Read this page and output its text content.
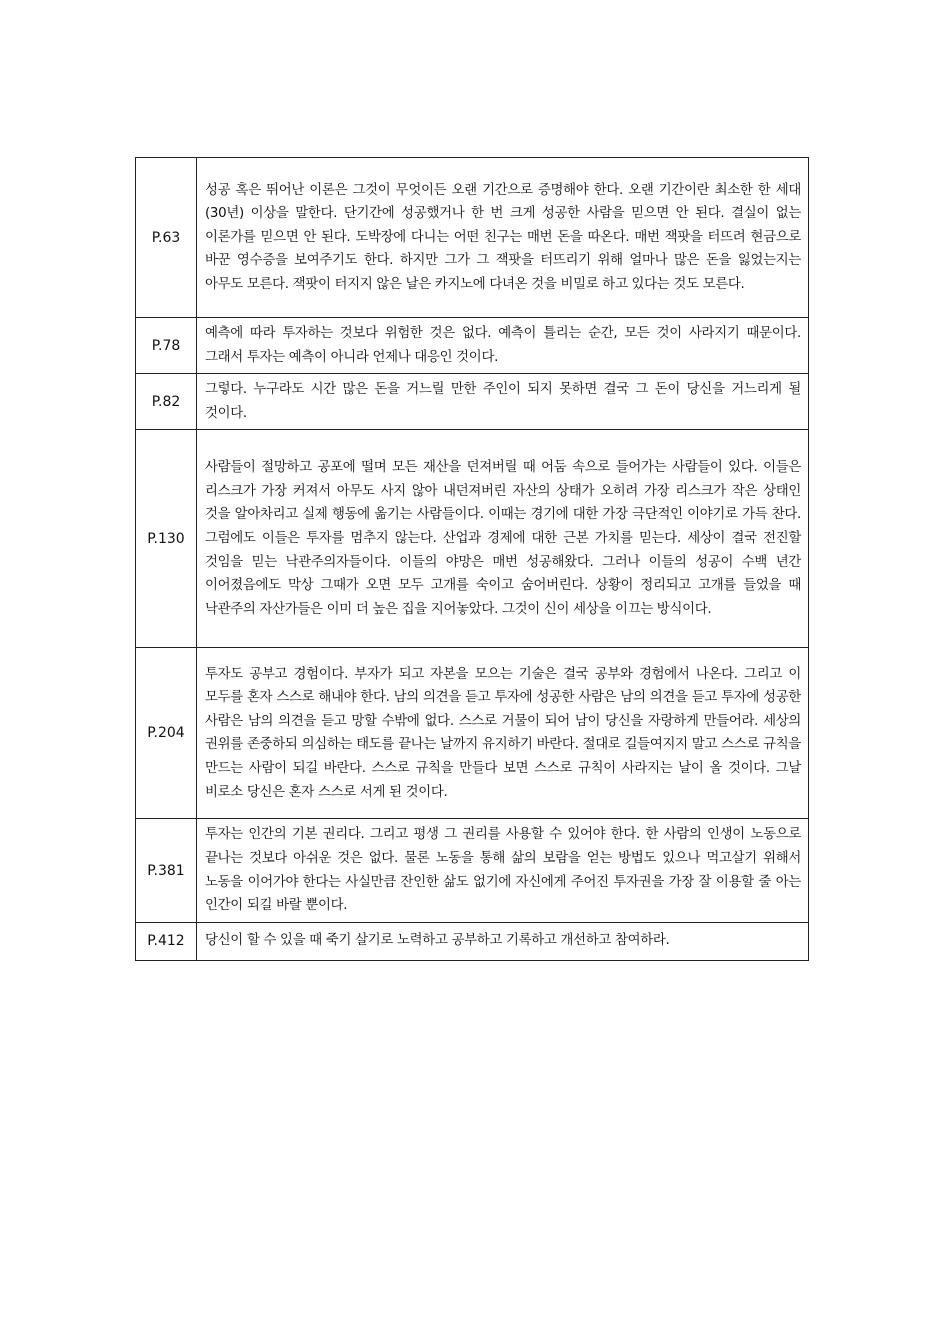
P.63	성공 혹은 뛰어난 이론은 그것이 무엇이든 오랜 기간으로 증명해야 한다. 오랜 기간이란 최소한 한 세대(30년) 이상을 말한다. 단기간에 성공했거나 한 번 크게 성공한 사람을 믿으면 안 된다. 결실이 없는 이론가를 믿으면 안 된다. 도박장에 다니는 어떤 친구는 매번 돈을 따온다. 매번 잭팟을 터뜨려 현금으로 바꾼 영수증을 보여주기도 한다. 하지만 그가 그 잭팟을 터뜨리기 위해 얼마나 많은 돈을 잃었는지는 아무도 모른다. 잭팟이 터지지 않은 날은 카지노에 다녀온 것을 비밀로 하고 있다는 것도 모른다.
P.78	예측에 따라 투자하는 것보다 위험한 것은 없다. 예측이 틀리는 순간, 모든 것이 사라지기 때문이다. 그래서 투자는 예측이 아니라 언제나 대응인 것이다.
P.82	그렇다. 누구라도 시간 많은 돈을 거느릴 만한 주인이 되지 못하면 결국 그 돈이 당신을 거느리게 될 것이다.
P.130	사람들이 절망하고 공포에 떨며 모든 재산을 던져버릴 때 어둠 속으로 들어가는 사람들이 있다. 이들은 리스크가 가장 커져서 아무도 사지 않아 내던져버린 자산의 상태가 오히려 가장 리스크가 작은 상태인 것을 알아차리고 실제 행동에 옮기는 사람들이다. 이때는 경기에 대한 가장 극단적인 이야기로 가득 찬다. 그럼에도 이들은 투자를 멈추지 않는다. 산업과 경제에 대한 근본 가치를 믿는다. 세상이 결국 전진할 것임을 믿는 낙관주의자들이다. 이들의 야망은 매번 성공해왔다. 그러나 이들의 성공이 수백 년간 이어졌음에도 막상 그때가 오면 모두 고개를 숙이고 숨어버린다. 상황이 정리되고 고개를 들었을 때 낙관주의 자산가들은 이미 더 높은 집을 지어놓았다. 그것이 신이 세상을 이끄는 방식이다.
P.204	투자도 공부고 경험이다. 부자가 되고 자본을 모으는 기술은 결국 공부와 경험에서 나온다. 그리고 이 모두를 혼자 스스로 해내야 한다. 남의 의견을 듣고 투자에 성공한 사람은 남의 의견을 듣고 투자에 성공한 사람은 남의 의견을 듣고 망할 수밖에 없다. 스스로 거물이 되어 남이 당신을 자랑하게 만들어라. 세상의 권위를 존중하되 의심하는 태도를 끝나는 날까지 유지하기 바란다. 절대로 길들여지지 말고 스스로 규칙을 만드는 사람이 되길 바란다. 스스로 규칙을 만들다 보면 스스로 규칙이 사라지는 날이 올 것이다. 그날 비로소 당신은 혼자 스스로 서게 된 것이다.
P.381	투자는 인간의 기본 권리다. 그리고 평생 그 권리를 사용할 수 있어야 한다. 한 사람의 인생이 노동으로 끝나는 것보다 아쉬운 것은 없다. 물론 노동을 통해 삶의 보람을 얻는 방법도 있으나 먹고살기 위해서 노동을 이어가야 한다는 사실만큼 잔인한 삶도 없기에 자신에게 주어진 투자권을 가장 잘 이용할 줄 아는 인간이 되길 바랄 뿐이다.
P.412	당신이 할 수 있을 때 죽기 살기로 노력하고 공부하고 기록하고 개선하고 참여하라.
